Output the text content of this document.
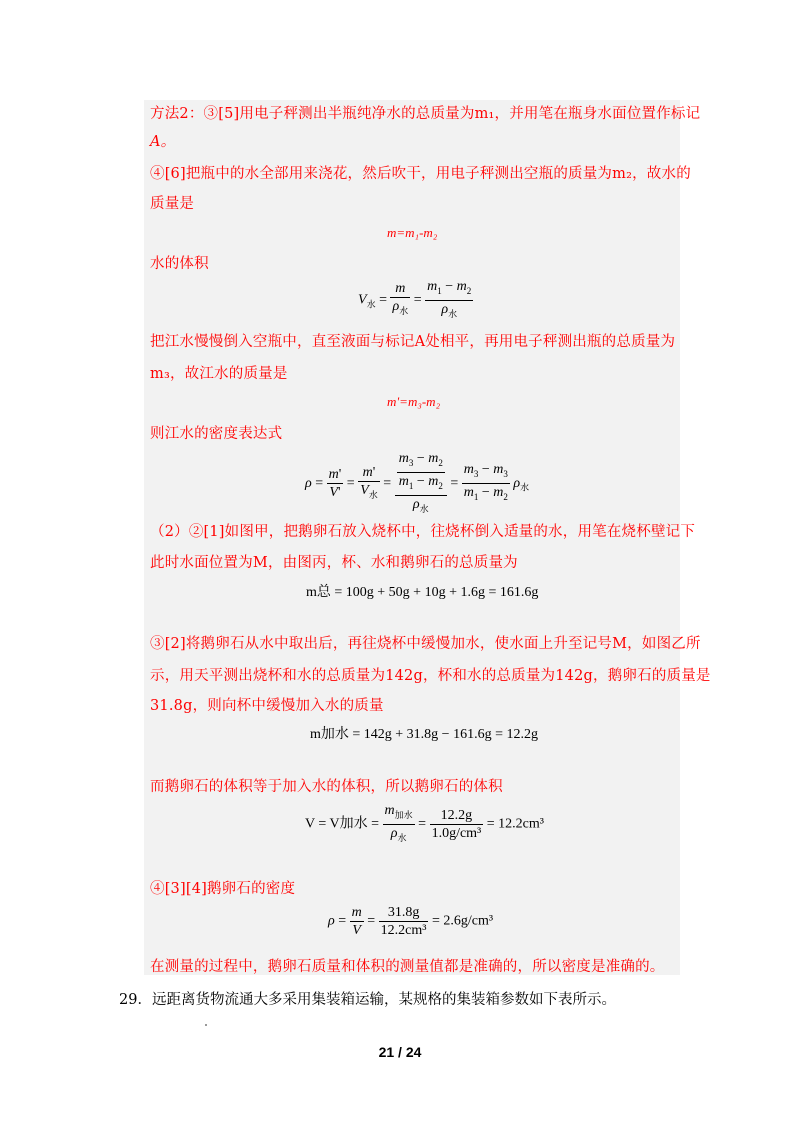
方法2：③[5]用电子秤测出半瓶纯净水的总质量为m₁，并用笔在瓶身水面位置作标记
A。
④[6]把瓶中的水全部用来浇花，然后吹干，用电子秤测出空瓶的质量为m₂，故水的
质量是
m=m₁-m₂
水的体积
$V_水 = \frac{m}{\rho_水} = \frac{m_1 - m_2}{\rho_水}$
把江水慢慢倒入空瓶中，直至液面与标记A处相平，再用电子秤测出瓶的总质量为
m₃，故江水的质量是
m'=m₃-m₂
则江水的密度表达式
$\rho = \frac{m'}{V'} = \frac{m'}{V_水} = \frac{\frac{m_3 - m_2}{m_1 - m_2}}{\rho_水} = \frac{m_3 - m_3}{m_1 - m_2} \rho_水$
（2）②[1]如图甲，把鹅卵石放入烧杯中，往烧杯倒入适量的水，用笔在烧杯壁记下
此时水面位置为M，由图丙，杯、水和鹅卵石的总质量为
m总 = 100g + 50g + 10g + 1.6g = 161.6g
③[2]将鹅卵石从水中取出后，再往烧杯中缓慢加水，使水面上升至记号M，如图乙所
示，用天平测出烧杯和水的总质量为142g，杯和水的总质量为142g，鹅卵石的质量是
31.8g，则向杯中缓慢加入水的质量
m加水 = 142g + 31.8g − 161.6g = 12.2g
而鹅卵石的体积等于加入水的体积，所以鹅卵石的体积
V = V加水 = $\frac{m_{加水}}{\rho_水} = \frac{12.2g}{\text{1.0g/cm³}} = 12.2cm^3$
④[3][4]鹅卵石的密度
$\rho = \frac{m}{V} = \frac{31.8g}{\text{12.2cm³}} = 2.6g/cm^3$
在测量的过程中，鹅卵石质量和体积的测量值都是准确的，所以密度是准确的。
29．远距离货物流通大多采用集装箱运输，某规格的集装箱参数如下表所示。
21 / 24
